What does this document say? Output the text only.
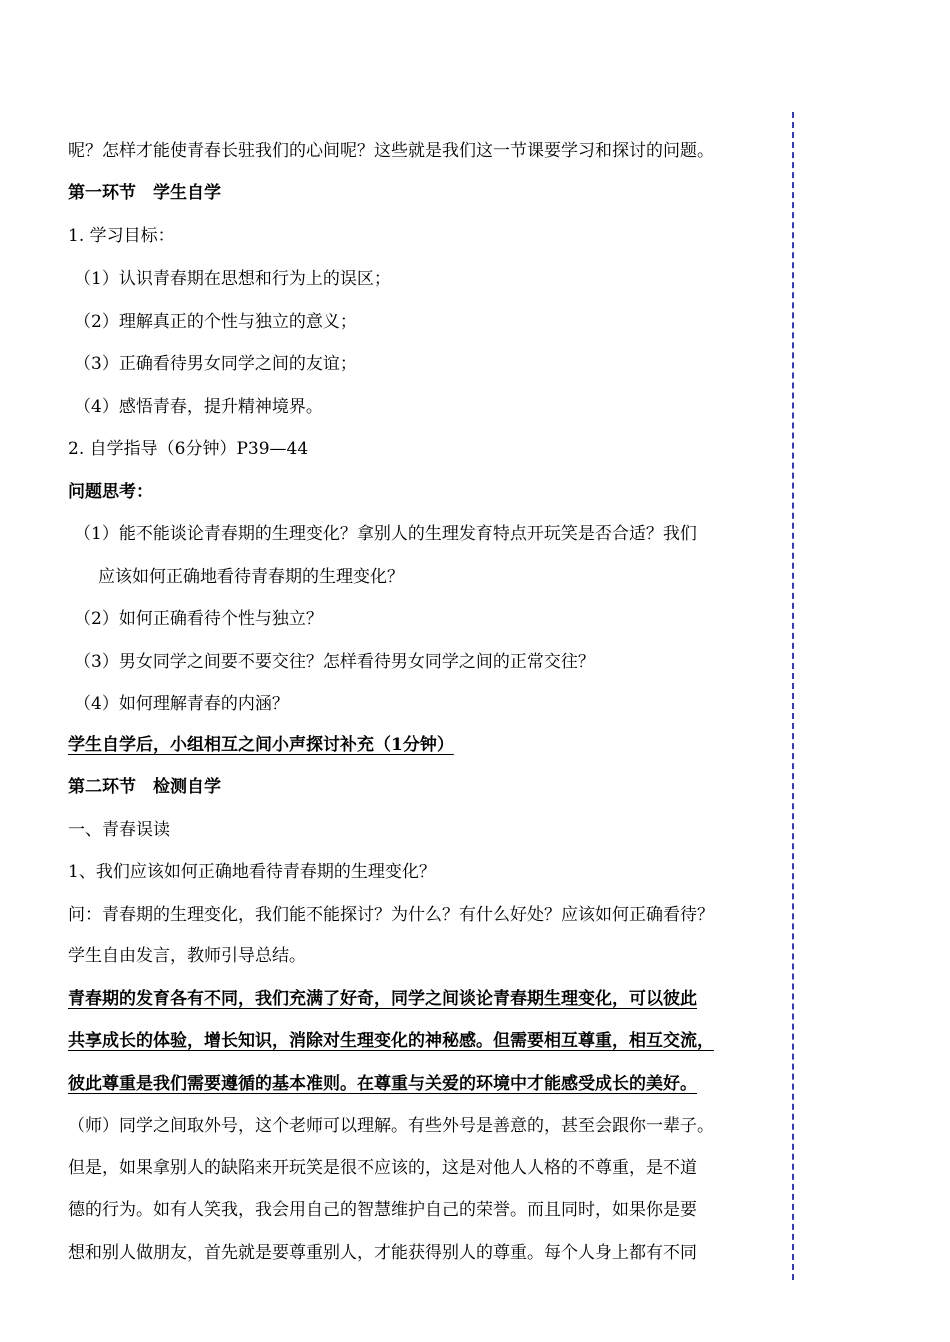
呢？怎样才能使青春长驻我们的心间呢？这些就是我们这一节课要学习和探讨的问题。
第一环节　学生自学
1. 学习目标：
（1）认识青春期在思想和行为上的误区；
（2）理解真正的个性与独立的意义；
（3）正确看待男女同学之间的友谊；
（4）感悟青春，提升精神境界。
2. 自学指导（6分钟）P39—44
问题思考：
（1）能不能谈论青春期的生理变化？拿别人的生理发育特点开玩笑是否合适？我们
应该如何正确地看待青春期的生理变化？
（2）如何正确看待个性与独立？
（3）男女同学之间要不要交往？怎样看待男女同学之间的正常交往？
（4）如何理解青春的内涵？
学生自学后，小组相互之间小声探讨补充（1分钟）
第二环节　检测自学
一、青春误读
1、我们应该如何正确地看待青春期的生理变化？
问：青春期的生理变化，我们能不能探讨？为什么？有什么好处？应该如何正确看待？
学生自由发言，教师引导总结。
青春期的发育各有不同，我们充满了好奇，同学之间谈论青春期生理变化，可以彼此
共享成长的体验，增长知识，消除对生理变化的神秘感。但需要相互尊重，相互交流，
彼此尊重是我们需要遵循的基本准则。在尊重与关爱的环境中才能感受成长的美好。
（师）同学之间取外号，这个老师可以理解。有些外号是善意的，甚至会跟你一辈子。
但是，如果拿别人的缺陷来开玩笑是很不应该的，这是对他人人格的不尊重，是不道
德的行为。如有人笑我，我会用自己的智慧维护自己的荣誉。而且同时，如果你是要
想和别人做朋友，首先就是要尊重别人，才能获得别人的尊重。每个人身上都有不同
